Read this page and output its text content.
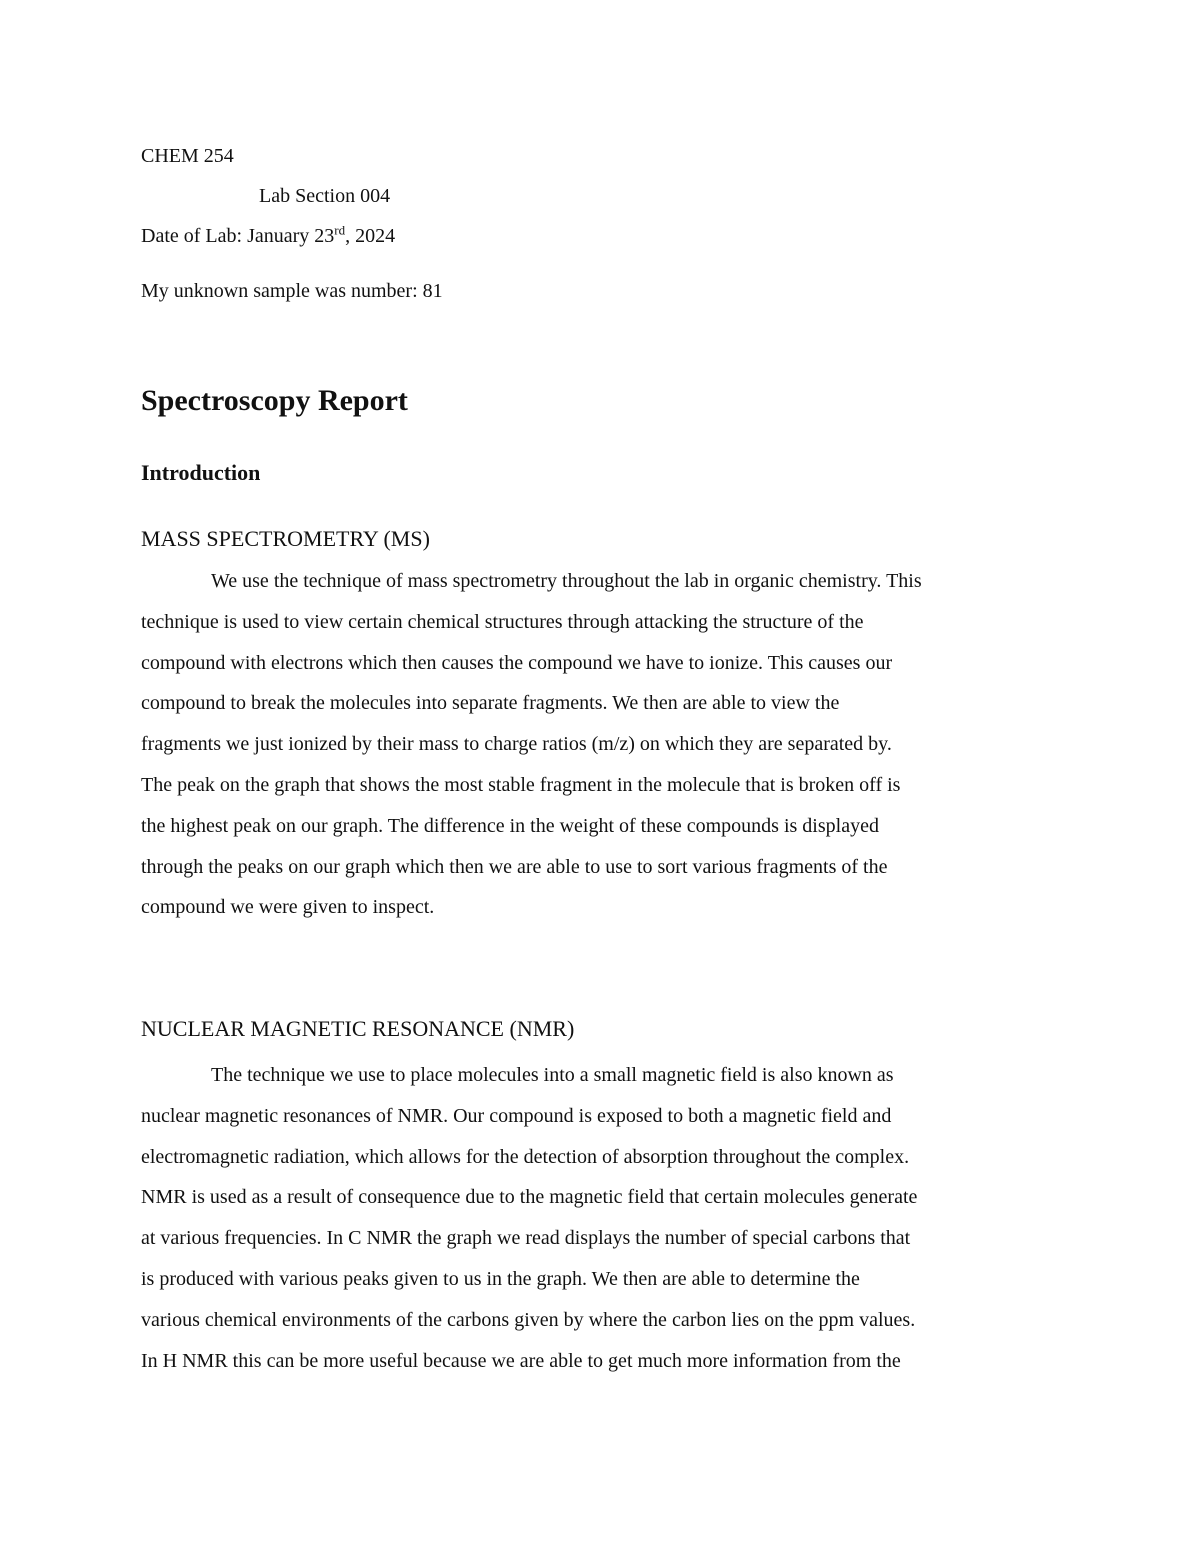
CHEM 254
Lab Section 004
Date of Lab: January 23rd, 2024
My unknown sample was number: 81
Spectroscopy Report
Introduction
MASS SPECTROMETRY (MS)
We use the technique of mass spectrometry throughout the lab in organic chemistry. This
technique is used to view certain chemical structures through attacking the structure of the
compound with electrons which then causes the compound we have to ionize. This causes our
compound to break the molecules into separate fragments. We then are able to view the
fragments we just ionized by their mass to charge ratios (m/z) on which they are separated by.
The peak on the graph that shows the most stable fragment in the molecule that is broken off is
the highest peak on our graph. The difference in the weight of these compounds is displayed
through the peaks on our graph which then we are able to use to sort various fragments of the
compound we were given to inspect.
NUCLEAR MAGNETIC RESONANCE (NMR)
The technique we use to place molecules into a small magnetic field is also known as
nuclear magnetic resonances of NMR. Our compound is exposed to both a magnetic field and
electromagnetic radiation, which allows for the detection of absorption throughout the complex.
NMR is used as a result of consequence due to the magnetic field that certain molecules generate
at various frequencies. In C NMR the graph we read displays the number of special carbons that
is produced with various peaks given to us in the graph. We then are able to determine the
various chemical environments of the carbons given by where the carbon lies on the ppm values.
In H NMR this can be more useful because we are able to get much more information from the
